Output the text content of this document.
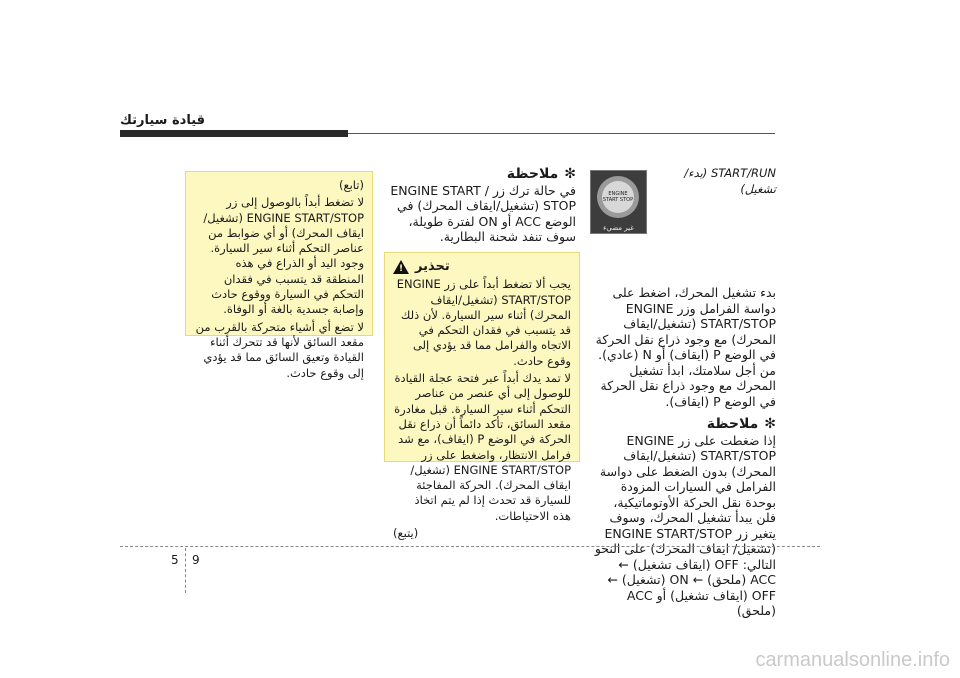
قيادة سيارتك

START/RUN (بدء/تشغيل)

بدء تشغيل المحرك، اضغط على دواسة الفرامل وزر ENGINE START/STOP (تشغيل/ايقاف المحرك) مع وجود ذراع نقل الحركة في الوضع P (ايقاف) أو N (عادي). من أجل سلامتك، ابدأ تشغيل المحرك مع وجود ذراع نقل الحركة في الوضع P (ايقاف).

✻ملاحظة

إذا ضغطت على زر ENGINE START/STOP (تشغيل/ايقاف المحرك) بدون الضغط على دواسة الفرامل في السيارات المزودة بوحدة نقل الحركة الأوتوماتيكية، فلن يبدأ تشغيل المحرك، وسوف يتغير زر ENGINE START/STOP (تشغيل/ ايقاف المحرك) على النحو التالي: OFF (ايقاف تشغيل) ← ACC (ملحق) ← ON (تشغيل) ← OFF (ايقاف تشغيل) أو ACC (ملحق)

ENGINE START STOP
غير مضيء

✻ملاحظة

في حالة ترك زر ENGINE START / STOP (تشغيل/ايقاف المحرك) في الوضع ACC أو ON لفترة طويلة، سوف تنفد شحنة البطارية.

!
تحذير

يجب ألا تضغط أبداً على زر ENGINE START/STOP (تشغيل/ايقاف المحرك) أثناء سير السيارة. لأن ذلك قد يتسبب في فقدان التحكم في الاتجاه والفرامل مما قد يؤدي إلى وقوع حادث.

لا تمد يدك أبداً عبر فتحة عجلة القيادة للوصول إلى أي عنصر من عناصر التحكم أثناء سير السيارة. قبل مغادرة مقعد السائق، تأكد دائماً أن ذراع نقل الحركة في الوضع P (ايقاف)، مع شد فرامل الانتظار، واضغط على زر ENGINE START/STOP (تشغيل/ايقاف المحرك). الحركة المفاجئة للسيارة قد تحدث إذا لم يتم اتخاذ هذه الاحتياطات.

(يتبع)

(تابع)

لا تضغط أبداً بالوصول إلى زر ENGINE START/STOP (تشغيل/ايقاف المحرك) أو أي ضوابط من عناصر التحكم أثناء سير السيارة. وجود اليد أو الذراع في هذه المنطقة قد يتسبب في فقدان التحكم في السيارة ووقوع حادث وإصابة جسدية بالغة أو الوفاة.

لا تضع أي أشياء متحركة بالقرب من مقعد السائق لأنها قد تتحرك أثناء القيادة وتعيق السائق مما قد يؤدي إلى وقوع حادث.

5 9
carmanualsonline.info
